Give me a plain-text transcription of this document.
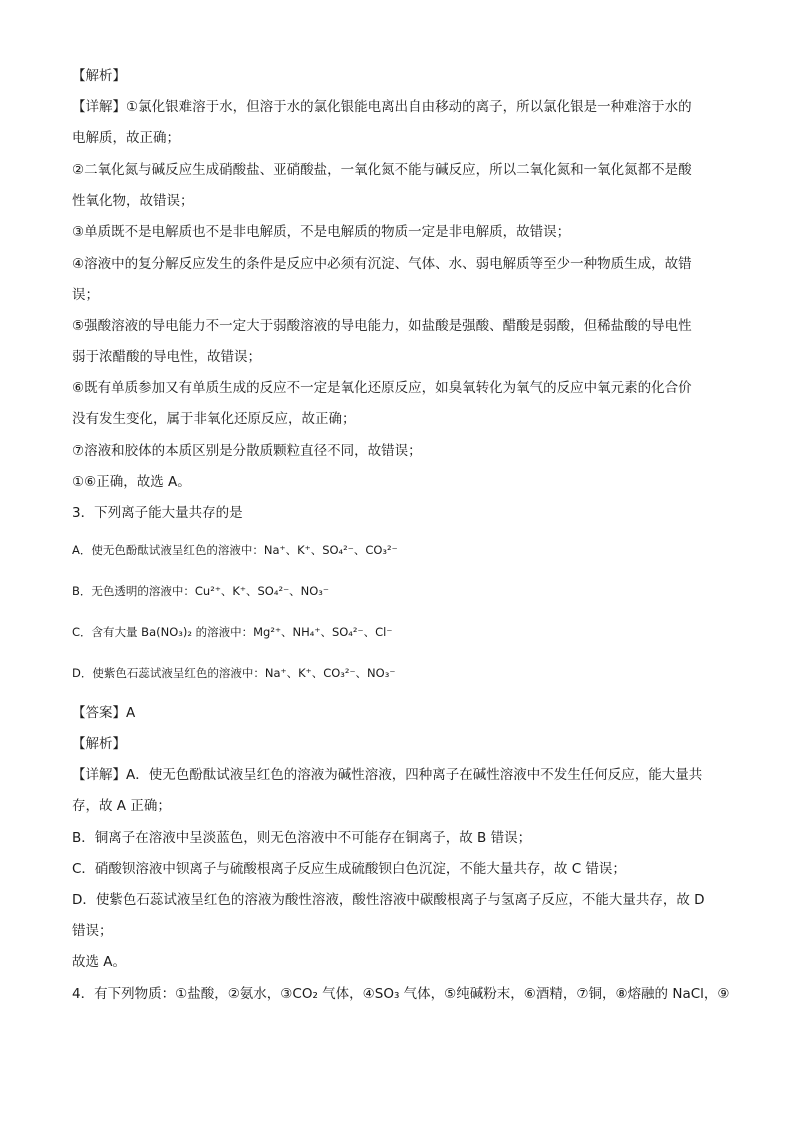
【解析】
【详解】①氯化银难溶于水，但溶于水的氯化银能电离出自由移动的离子，所以氯化银是一种难溶于水的
电解质，故正确；
②二氧化氮与碱反应生成硝酸盐、亚硝酸盐，一氧化氮不能与碱反应，所以二氧化氮和一氧化氮都不是酸
性氧化物，故错误；
③单质既不是电解质也不是非电解质，不是电解质的物质一定是非电解质，故错误；
④溶液中的复分解反应发生的条件是反应中必须有沉淀、气体、水、弱电解质等至少一种物质生成，故错
误；
⑤强酸溶液的导电能力不一定大于弱酸溶液的导电能力，如盐酸是强酸、醋酸是弱酸，但稀盐酸的导电性
弱于浓醋酸的导电性，故错误；
⑥既有单质参加又有单质生成的反应不一定是氧化还原反应，如臭氧转化为氧气的反应中氧元素的化合价
没有发生变化，属于非氧化还原反应，故正确；
⑦溶液和胶体的本质区别是分散质颗粒直径不同，故错误；
①⑥正确，故选 A。
3．下列离子能大量共存的是
A．使无色酚酞试液呈红色的溶液中：Na⁺、K⁺、SO₄²⁻、CO₃²⁻
B．无色透明的溶液中：Cu²⁺、K⁺、SO₄²⁻、NO₃⁻
C．含有大量 Ba(NO₃)₂ 的溶液中：Mg²⁺、NH₄⁺、SO₄²⁻、Cl⁻
D．使紫色石蕊试液呈红色的溶液中：Na⁺、K⁺、CO₃²⁻、NO₃⁻
【答案】A
【解析】
【详解】A．使无色酚酞试液呈红色的溶液为碱性溶液，四种离子在碱性溶液中不发生任何反应，能大量共
存，故 A 正确；
B．铜离子在溶液中呈淡蓝色，则无色溶液中不可能存在铜离子，故 B 错误；
C．硝酸钡溶液中钡离子与硫酸根离子反应生成硫酸钡白色沉淀，不能大量共存，故 C 错误；
D．使紫色石蕊试液呈红色的溶液为酸性溶液，酸性溶液中碳酸根离子与氢离子反应，不能大量共存，故 D
错误；
故选 A。
4．有下列物质：①盐酸，②氨水，③CO₂ 气体，④SO₃ 气体，⑤纯碱粉末，⑥酒精，⑦铜，⑧熔融的 NaCl，⑨
